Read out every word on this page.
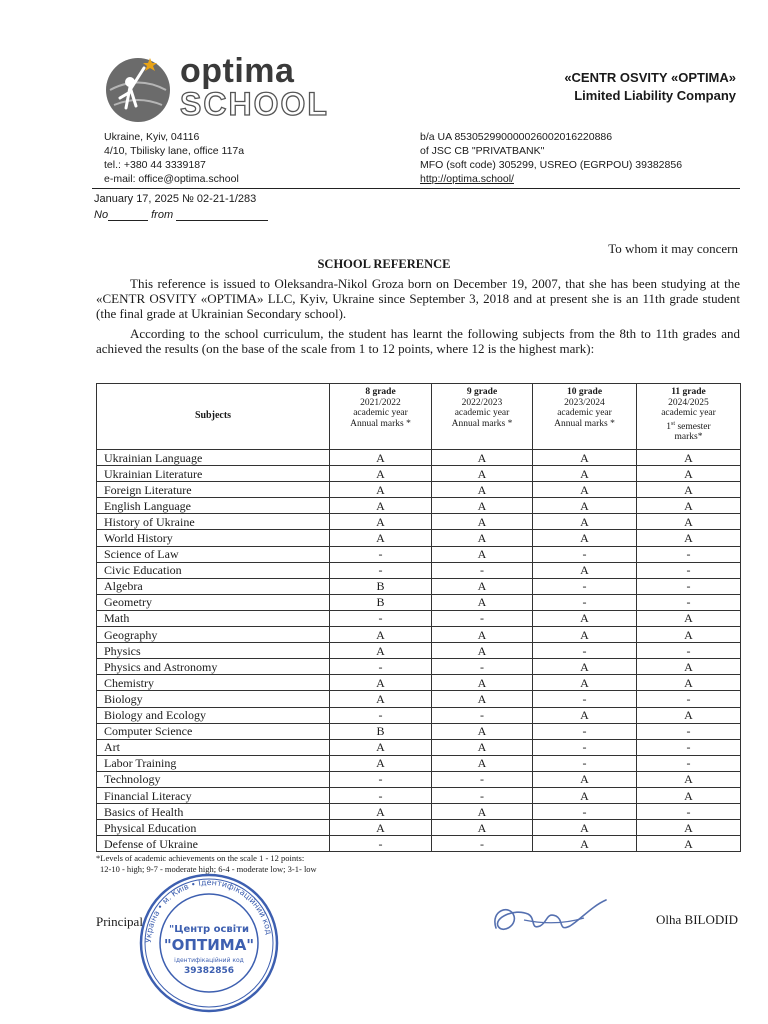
optima
SCHOOL
«CENTR OSVITY «OPTIMA»
Limited Liability Company
Ukraine, Kyiv, 04116
4/10, Tbilisky lane, office 117a
tel.: +380 44 3339187
e-mail: office@optima.school
b/a UA 853052990000026002016220886
of JSC CB "PRIVATBANK"
MFO (soft code) 305299, USREO (EGRPOU) 39382856
http://optima.school/
January 17, 2025 № 02-21-1/283
No	from
To whom it may concern
SCHOOL REFERENCE
This reference is issued to Oleksandra-Nikol Groza born on December 19, 2007, that she has been studying at the «CENTR OSVITY «OPTIMA» LLC, Kyiv, Ukraine since September 3, 2018 and at present she is an 11th grade student (the final grade at Ukrainian Secondary school).
According to the school curriculum, the student has learnt the following subjects from the 8th to 11th grades and achieved the results (on the base of the scale from 1 to 12 points, where 12 is the highest mark):
Subjects	8 grade
2021/2022
academic year
Annual marks *	9 grade
2022/2023
academic year
Annual marks *	10 grade
2023/2024
academic year
Annual marks *	11 grade
2024/2025
academic year
1st semester
marks*

Ukrainian Language	A	A	A	A
Ukrainian Literature	A	A	A	A
Foreign Literature	A	A	A	A
English Language	A	A	A	A
History of Ukraine	A	A	A	A
World History	A	A	A	A
Science of Law	-	A	-	-
Civic Education	-	-	A	-
Algebra	B	A	-	-
Geometry	B	A	-	-
Math	-	-	A	A
Geography	A	A	A	A
Physics	A	A	-	-
Physics and Astronomy	-	-	A	A
Chemistry	A	A	A	A
Biology	A	A	-	-
Biology and Ecology	-	-	A	A
Computer Science	B	A	-	-
Art	A	A	-	-
Labor Training	A	A	-	-
Technology	-	-	A	A
Financial Literacy	-	-	A	A
Basics of Health	A	A	-	-
Physical Education	A	A	A	A
Defense of Ukraine	-	-	A	A
*Levels of academic achievements on the scale 1 - 12 points:
12-10 - high; 9-7 - moderate high; 6-4 - moderate low; 3-1- low
Україна • м. Київ • Ідентифікаційний код
"Центр освіти
"ОПТИМА"
ідентифікаційний код
39382856
Principal	Olha BILODID
